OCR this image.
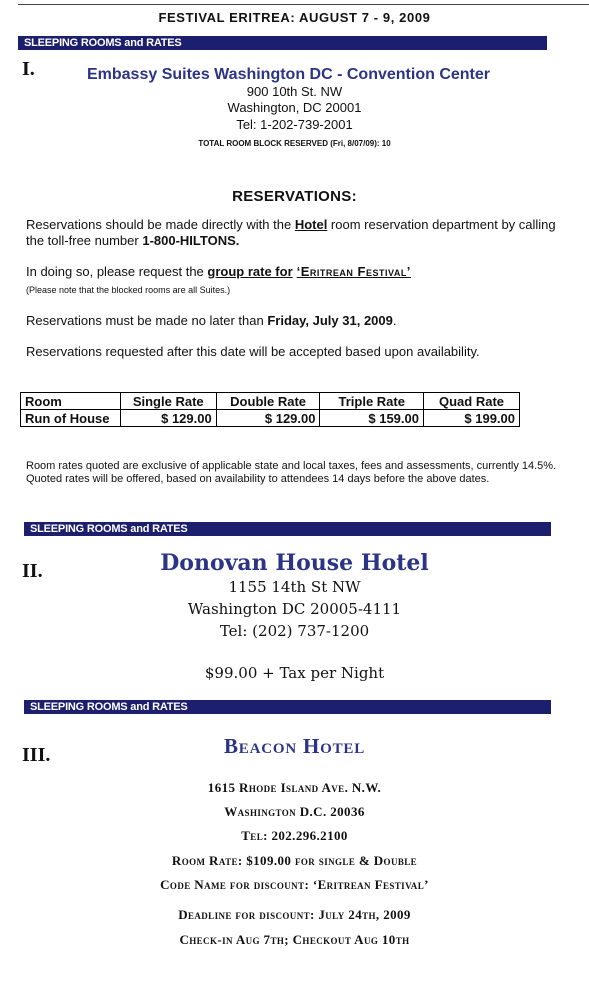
FESTIVAL ERITREA: AUGUST 7 - 9, 2009
SLEEPING ROOMS and RATES
I.	Embassy Suites Washington DC - Convention Center
900 10th St. NW
Washington, DC 20001
Tel: 1-202-739-2001
TOTAL ROOM BLOCK RESERVED (Fri, 8/07/09): 10
RESERVATIONS:
Reservations should be made directly with the Hotel room reservation department by calling the toll-free number 1-800-HILTONS.
In doing so, please request the group rate for ‘Eritrean Festival’
(Please note that the blocked rooms are all Suites.)
Reservations must be made no later than Friday, July 31, 2009.
Reservations requested after this date will be accepted based upon availability.
Room	Single Rate	Double Rate	Triple Rate	Quad Rate
Run of House	$ 129.00	$ 129.00	$ 159.00	$ 199.00
Room rates quoted are exclusive of applicable state and local taxes, fees and assessments, currently 14.5%. Quoted rates will be offered, based on availability to attendees 14 days before the above dates.
SLEEPING ROOMS and RATES
II.	Donovan House Hotel
1155 14th St NW
Washington DC 20005-4111
Tel: (202) 737-1200
$99.00 + Tax per Night
SLEEPING ROOMS and RATES
III.	Beacon Hotel
1615 Rhode Island Ave. N.W.
Washington D.C. 20036
Tel: 202.296.2100
Room Rate: $109.00 for single & Double
Code Name for discount: ‘Eritrean Festival’
Deadline for discount: July 24th, 2009
Check-in Aug 7th; Checkout Aug 10th
